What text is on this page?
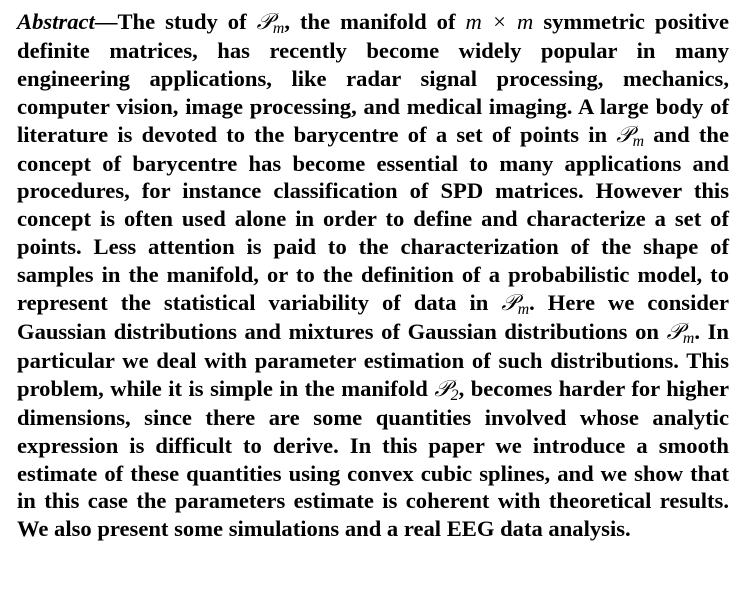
Abstract—The study of 𝒫$_m$, the manifold of m × m symmetric positive definite matrices, has recently become widely popular in many engineering applications, like radar signal processing, mechanics, computer vision, image processing, and medical imaging. A large body of literature is devoted to the barycentre of a set of points in 𝒫$_m$ and the concept of barycentre has become essential to many applications and procedures, for instance classification of SPD matrices. However this concept is often used alone in order to define and characterize a set of points. Less attention is paid to the characterization of the shape of samples in the manifold, or to the definition of a probabilistic model, to represent the statistical variability of data in 𝒫$_m$. Here we consider Gaussian distributions and mixtures of Gaussian distributions on 𝒫$_m$. In particular we deal with parameter estimation of such distributions. This problem, while it is simple in the manifold 𝒫$_2$, becomes harder for higher dimensions, since there are some quantities involved whose analytic expression is difficult to derive. In this paper we introduce a smooth estimate of these quantities using convex cubic splines, and we show that in this case the parameters estimate is coherent with theoretical results. We also present some simulations and a real EEG data analysis.
